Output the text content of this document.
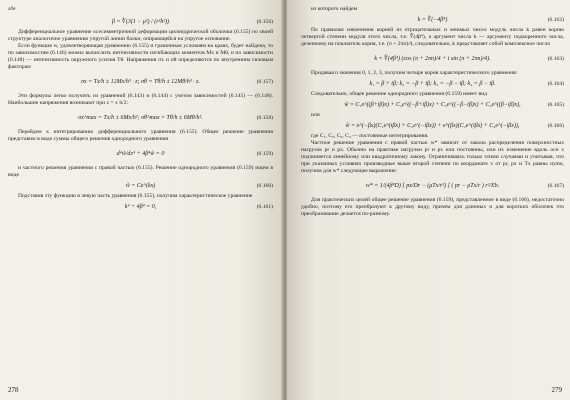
где
β = ∜(3(1 − μ²) / (r²h²))	(6.156)

Дифференциальное уравнение осесимметричной деформации цилиндрической оболочки (6.155) по своей структуре аналогично уравнению упругой линии балки, опирающейся на упругое основание.

Если функция w, удовлетворяющая уравнению (6.155) и граничным условиям на краях, будет найдена, то по зависимостям (6.146) можно вычислить интенсивности изгибающих моментов Mx и Mθ, и по зависимости (6.148) — интенсивность окружного усилия Tθ. Напряжения σx и σθ определяются по внутренним силовым факторам

σx = Tx/h ± 12Mx/h³ · z; σθ = Tθ/h ± 12Mθ/h³ · z.	(6.157)

Эти формулы легко получить из уравнений (6.143) и (6.144) с учетом зависимостей (6.145) — (6.148). Наибольшие напряжения возникают при z = ± h/2:

σx^max = Tx/h ± 6Mx/h²; σθ^max = Tθ/h ± 6Mθ/h².	(6.158)

Перейдем к интегрированию дифференциального уравнения (6.155). Общее решение уравнения представим в виде суммы общего решения однородного уравнения

d⁴w̃/dx⁴ + 4β⁴w̃ = 0	(6.159)

и частного решения уравнения с правой частью (6.155). Решение однородного уравнения (6.159) ищем в виде

w̃ = Ce^(kx)	(6.160)

Подставив эту функцию в левую часть уравнения (6.155), получим характеристическое уравнение

k⁴ + 4β⁴ = 0,	(6.161)
278

из которого найдем

k = ∜(−4β⁴)	(6.162)

По правилам извлечения корней из отрицательных и мнимых чисел модуль числа k равен корню четвертой степени модуля этого числа, т.е. ∜(4β⁴), а аргумент числа k — аргументу подкоренного числа, деленному на показатель корня, т.е. (π + 2πn)/4, следовательно, k представляет собой комплексное число

k = ∜(4β⁴) (cos (π + 2πn)/4 + i sin (π + 2πn)/4).	(6.163)

Придавая n значения 0, 1, 2, 3, получим четыре корня характеристического уравнения:

k₁ = β + iβ; k₂ = −β + iβ; k₃ = −β − iβ; k₄ = β − iβ.	(6.164)

Следовательно, общее решение однородного уравнения (6.159) имеет вид

w̃ = C₁e^((β+iβ)x) + C₂e^((−β+iβ)x) + C₃e^((−β−iβ)x) + C₄e^((β−iβ)x),	(6.165)

или

w̃ = e^(−βx)(C₁e^(iβx) + C₂e^(−iβx)) + e^(βx)(C₃e^(iβx) + C₄e^(−iβx)),	(6.166)

где C₁, C₂, C₃, C₄ — постоянные интегрирования.

Частное решение уравнения с правой частью w* зависит от закона распределения поверхностных нагрузок pr и px. Обычно на практике нагрузки pr и px или постоянны, или их изменение вдоль оси x подчиняется линейному или квадратичному закону. Ограничиваясь только этими случаями и учитывая, что при указанных условиях производные выше второй степени по координате x от pr, px и Tx равны нулю, получим для w* следующее выражение:

w* = 1/(4β⁴D) [ px/Dr − (μTx/r²) ] ( pr − μTx/r ) r²/Eh.	(6.167)

Для практических целей общее решение уравнения (6.159), представленное в виде (6.166), недостаточно удобно, поэтому его преобразуют к другому виду, причем для длинных и для коротких оболочек это преобразование делается по-разному.

279
